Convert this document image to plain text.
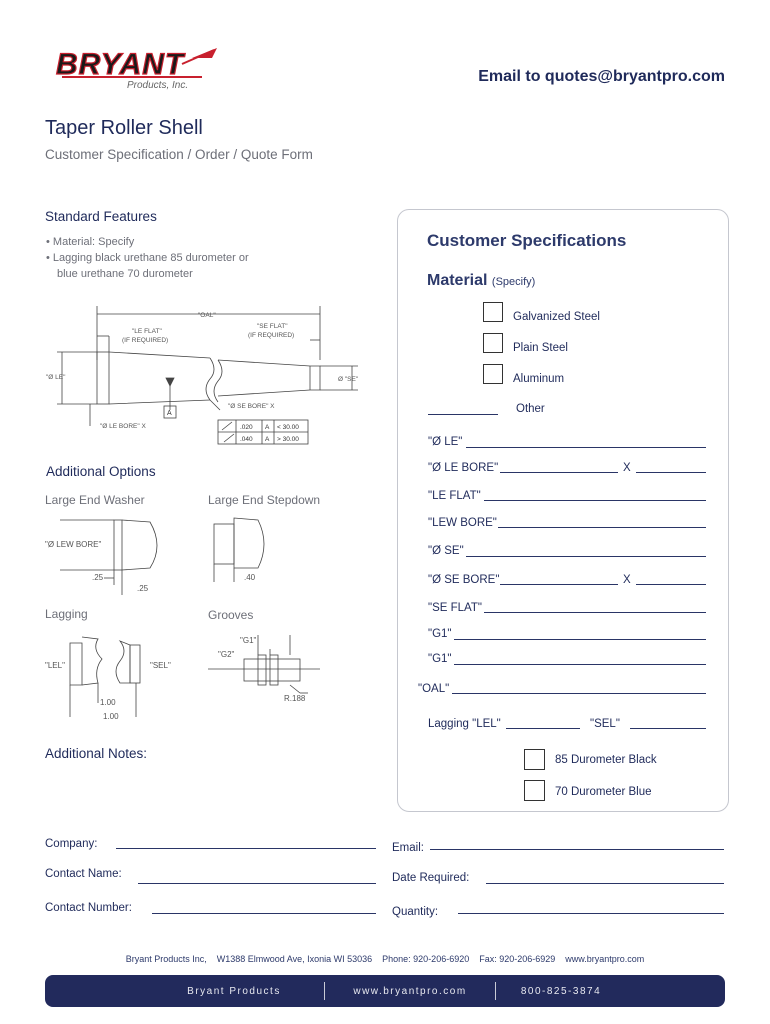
BRYANT
Products, Inc.
Email to quotes@bryantpro.com
Taper Roller Shell
Customer Specification / Order / Quote Form
Standard Features
• Material: Specify
• Lagging black urethane 85 durometer or
blue urethane 70 durometer
"OAL"
"LE FLAT"
(IF REQUIRED)
"SE FLAT"
(IF REQUIRED)
"Ø LE"	Ø "SE"
"Ø SE BORE" X
"Ø LE BORE" X
A
.020 A < 30.00
.040 A > 30.00
Additional Options
Large End Washer	Large End Stepdown
"Ø LEW BORE"
.25
.25
.40
Lagging	Grooves
"LEL"	"SEL"
1.00
1.00
"G1"
"G2"
R.188
Additional Notes:
Customer Specifications
Material (Specify)
Galvanized Steel
Plain Steel
Aluminum
Other
"Ø LE"
"Ø LE BORE"	X
"LE FLAT"
"LEW BORE"
"Ø SE"
"Ø SE BORE"	X
"SE FLAT"
"G1"
"G1"
"OAL"
Lagging "LEL"	"SEL"
85 Durometer Black
70 Durometer Blue
Company:
Contact Name:
Contact Number:
Email:
Date Required:
Quantity:
Bryant Products Inc,    W1388 Elmwood Ave, Ixonia WI 53036    Phone: 920-206-6920    Fax: 920-206-6929    www.bryantpro.com
Bryant Products	www.bryantpro.com	800-825-3874
